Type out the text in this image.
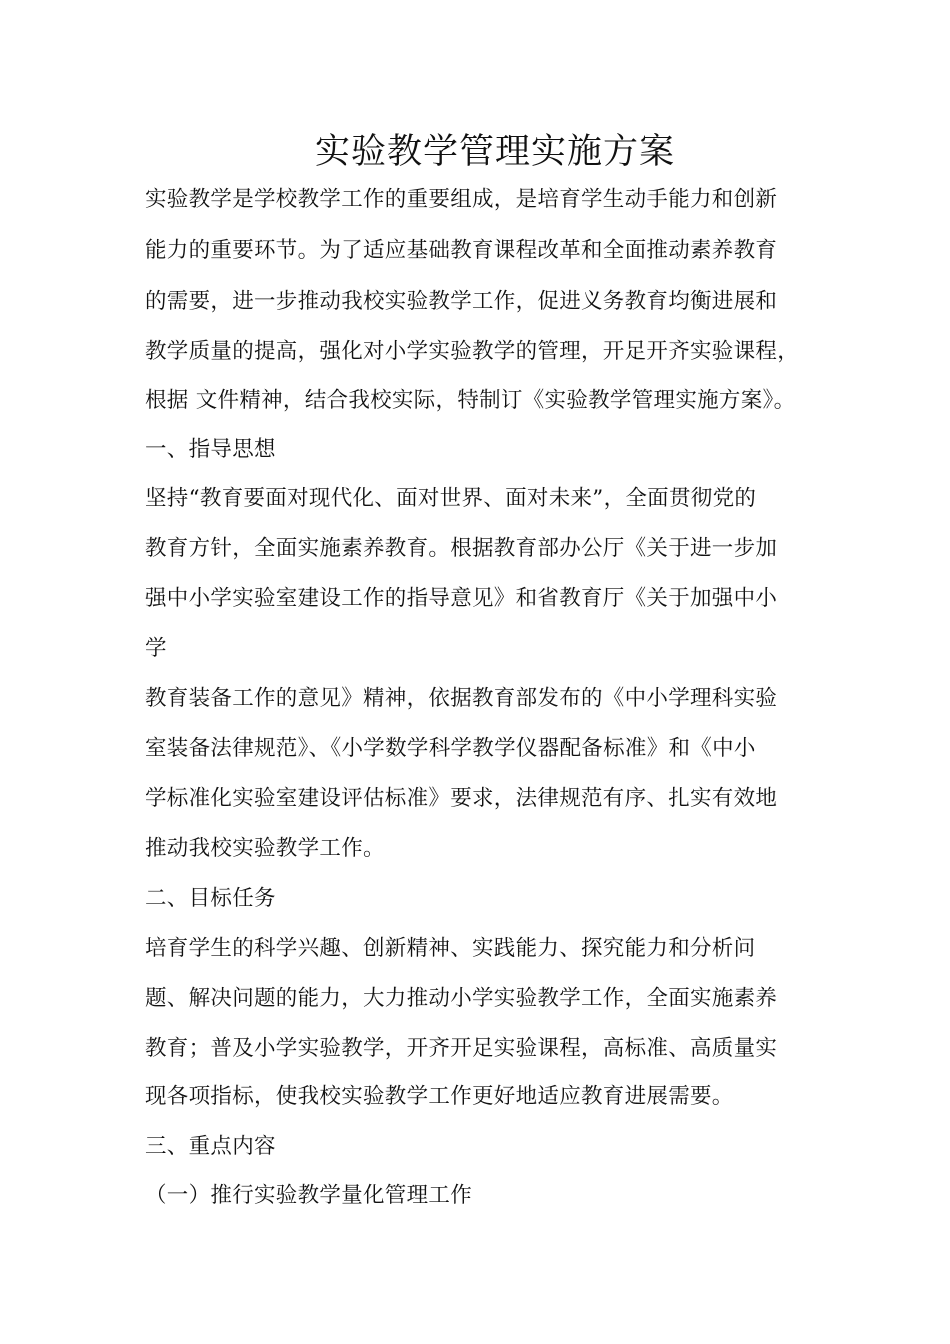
实验教学管理实施方案
实验教学是学校教学工作的重要组成，是培育学生动手能力和创新
能力的重要环节。为了适应基础教育课程改革和全面推动素养教育
的需要，进一步推动我校实验教学工作，促进义务教育均衡进展和
教学质量的提高，强化对小学实验教学的管理，开足开齐实验课程，
根据 文件精神，结合我校实际，特制订《实验教学管理实施方案》。
一、指导思想
坚持“教育要面对现代化、面对世界、面对未来”，全面贯彻党的
教育方针，全面实施素养教育。根据教育部办公厅《关于进一步加
强中小学实验室建设工作的指导意见》和省教育厅《关于加强中小
学
教育装备工作的意见》精神，依据教育部发布的《中小学理科实验
室装备法律规范》、《小学数学科学教学仪器配备标准》和《中小
学标准化实验室建设评估标准》要求，法律规范有序、扎实有效地
推动我校实验教学工作。
二、目标任务
培育学生的科学兴趣、创新精神、实践能力、探究能力和分析问
题、解决问题的能力，大力推动小学实验教学工作，全面实施素养
教育；普及小学实验教学，开齐开足实验课程，高标准、高质量实
现各项指标，使我校实验教学工作更好地适应教育进展需要。
三、重点内容
（一）推行实验教学量化管理工作
